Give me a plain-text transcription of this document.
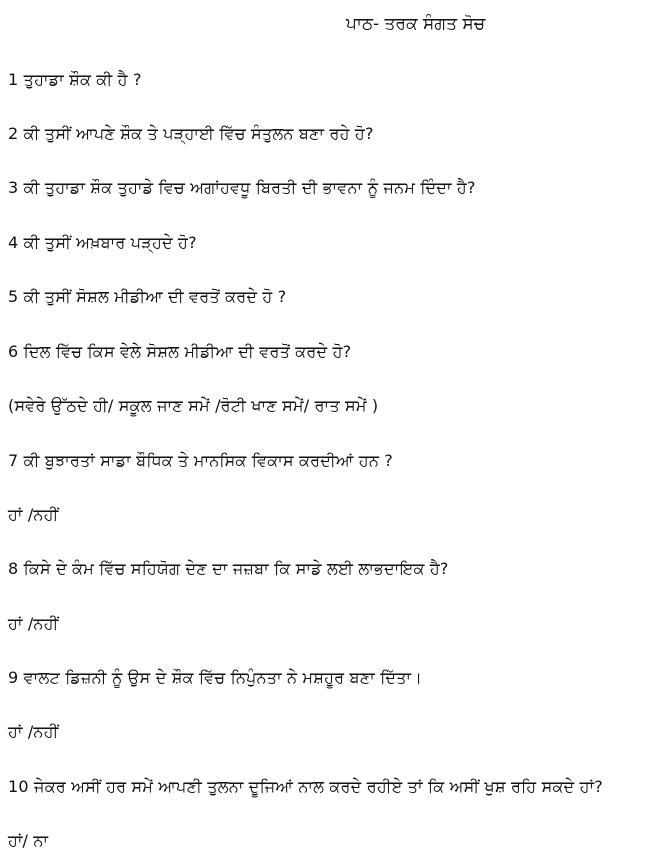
ਪਾਠ- ਤਰਕ ਸੰਗਤ ਸੋਚ
1 ਤੁਹਾਡਾ ਸ਼ੌਕ ਕੀ ਹੈ ?
2 ਕੀ ਤੁਸੀਂ ਆਪਣੇ ਸ਼ੌਕ ਤੇ ਪੜ੍ਹਾਈ ਵਿੱਚ ਸੰਤੁਲਨ ਬਣਾ ਰਹੇ ਹੋ?
3 ਕੀ ਤੁਹਾਡਾ ਸ਼ੌਕ ਤੁਹਾਡੇ ਵਿਚ ਅਗਾਂਹਵਧੂ ਬਿਰਤੀ ਦੀ ਭਾਵਨਾ ਨੂੰ ਜਨਮ ਦਿੰਦਾ ਹੈ?
4 ਕੀ ਤੁਸੀਂ ਅਖ਼ਬਾਰ ਪੜ੍ਹਦੇ ਹੋ?
5 ਕੀ ਤੁਸੀਂ ਸੋਸ਼ਲ ਮੀਡੀਆ ਦੀ ਵਰਤੋਂ ਕਰਦੇ ਹੋ ?
6 ਦਿਲ ਵਿੱਚ ਕਿਸ ਵੇਲੇ ਸੋਸ਼ਲ ਮੀਡੀਆ ਦੀ ਵਰਤੋਂ ਕਰਦੇ ਹੋ?
(ਸਵੇਰੇ ਉੱਠਦੇ ਹੀ/ ਸਕੂਲ ਜਾਣ ਸਮੇਂ /ਰੋਟੀ ਖਾਣ ਸਮੇਂ/ ਰਾਤ ਸਮੇਂ )
7 ਕੀ ਬੁਝਾਰਤਾਂ ਸਾਡਾ ਬੌਧਿਕ ਤੇ ਮਾਨਸਿਕ ਵਿਕਾਸ ਕਰਦੀਆਂ ਹਨ ?
ਹਾਂ /ਨਹੀਂ
8 ਕਿਸੇ ਦੇ ਕੰਮ ਵਿੱਚ ਸਹਿਯੋਗ ਦੇਣ ਦਾ ਜਜ਼ਬਾ ਕਿ ਸਾਡੇ ਲਈ ਲਾਭਦਾਇਕ ਹੈ?
ਹਾਂ /ਨਹੀਂ
9 ਵਾਲਟ ਡਿਜ਼ਨੀ ਨੂੰ ਉਸ ਦੇ ਸ਼ੌਕ ਵਿੱਚ ਨਿਪੁੰਨਤਾ ਨੇ ਮਸ਼ਹੂਰ ਬਣਾ ਦਿੱਤਾ।
ਹਾਂ /ਨਹੀਂ
10 ਜੇਕਰ ਅਸੀਂ ਹਰ ਸਮੇਂ ਆਪਣੀ ਤੁਲਨਾ ਦੂਜਿਆਂ ਨਾਲ ਕਰਦੇ ਰਹੀਏ ਤਾਂ ਕਿ ਅਸੀਂ ਖੁਸ਼ ਰਹਿ ਸਕਦੇ ਹਾਂ?
ਹਾਂ/ ਨਾ
